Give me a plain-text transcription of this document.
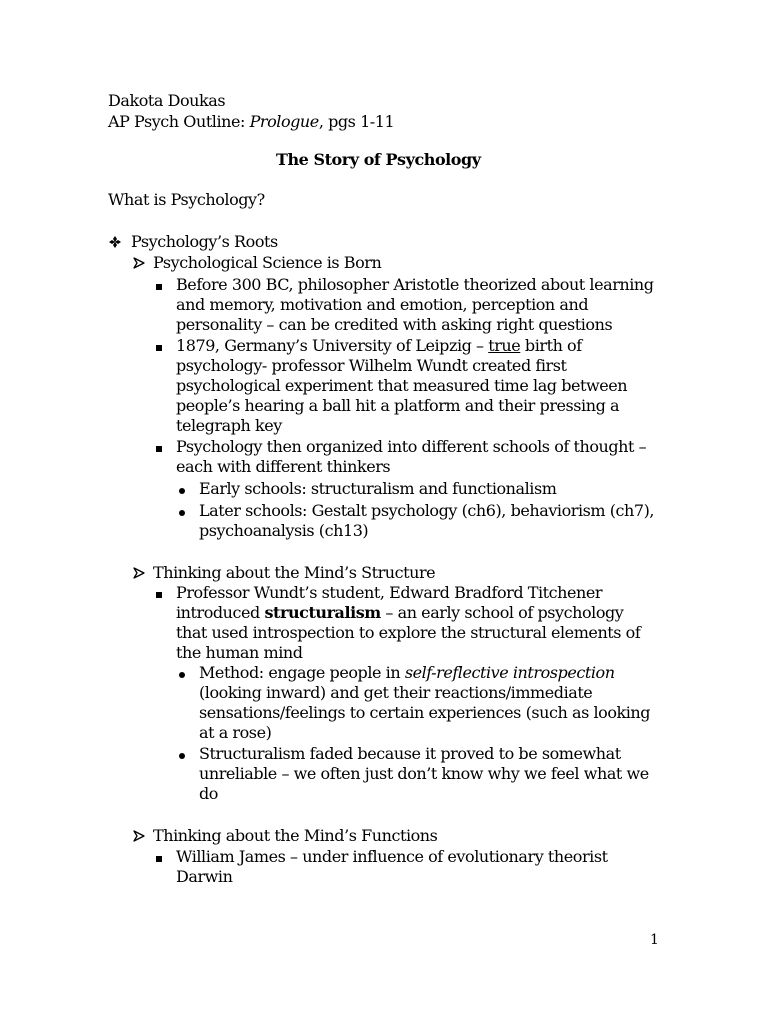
Dakota Doukas
AP Psych Outline: Prologue, pgs 1-11
The Story of Psychology
What is Psychology?
Psychology’s Roots
Psychological Science is Born
Before 300 BC, philosopher Aristotle theorized about learning
and memory, motivation and emotion, perception and
personality – can be credited with asking right questions
1879, Germany’s University of Leipzig – true birth of
psychology- professor Wilhelm Wundt created first
psychological experiment that measured time lag between
people’s hearing a ball hit a platform and their pressing a
telegraph key
Psychology then organized into different schools of thought –
each with different thinkers
Early schools: structuralism and functionalism
Later schools: Gestalt psychology (ch6), behaviorism (ch7),
psychoanalysis (ch13)
Thinking about the Mind’s Structure
Professor Wundt’s student, Edward Bradford Titchener
introduced structuralism – an early school of psychology
that used introspection to explore the structural elements of
the human mind
Method: engage people in self-reflective introspection
(looking inward) and get their reactions/immediate
sensations/feelings to certain experiences (such as looking
at a rose)
Structuralism faded because it proved to be somewhat
unreliable – we often just don’t know why we feel what we
do
Thinking about the Mind’s Functions
William James – under influence of evolutionary theorist
Darwin
1
